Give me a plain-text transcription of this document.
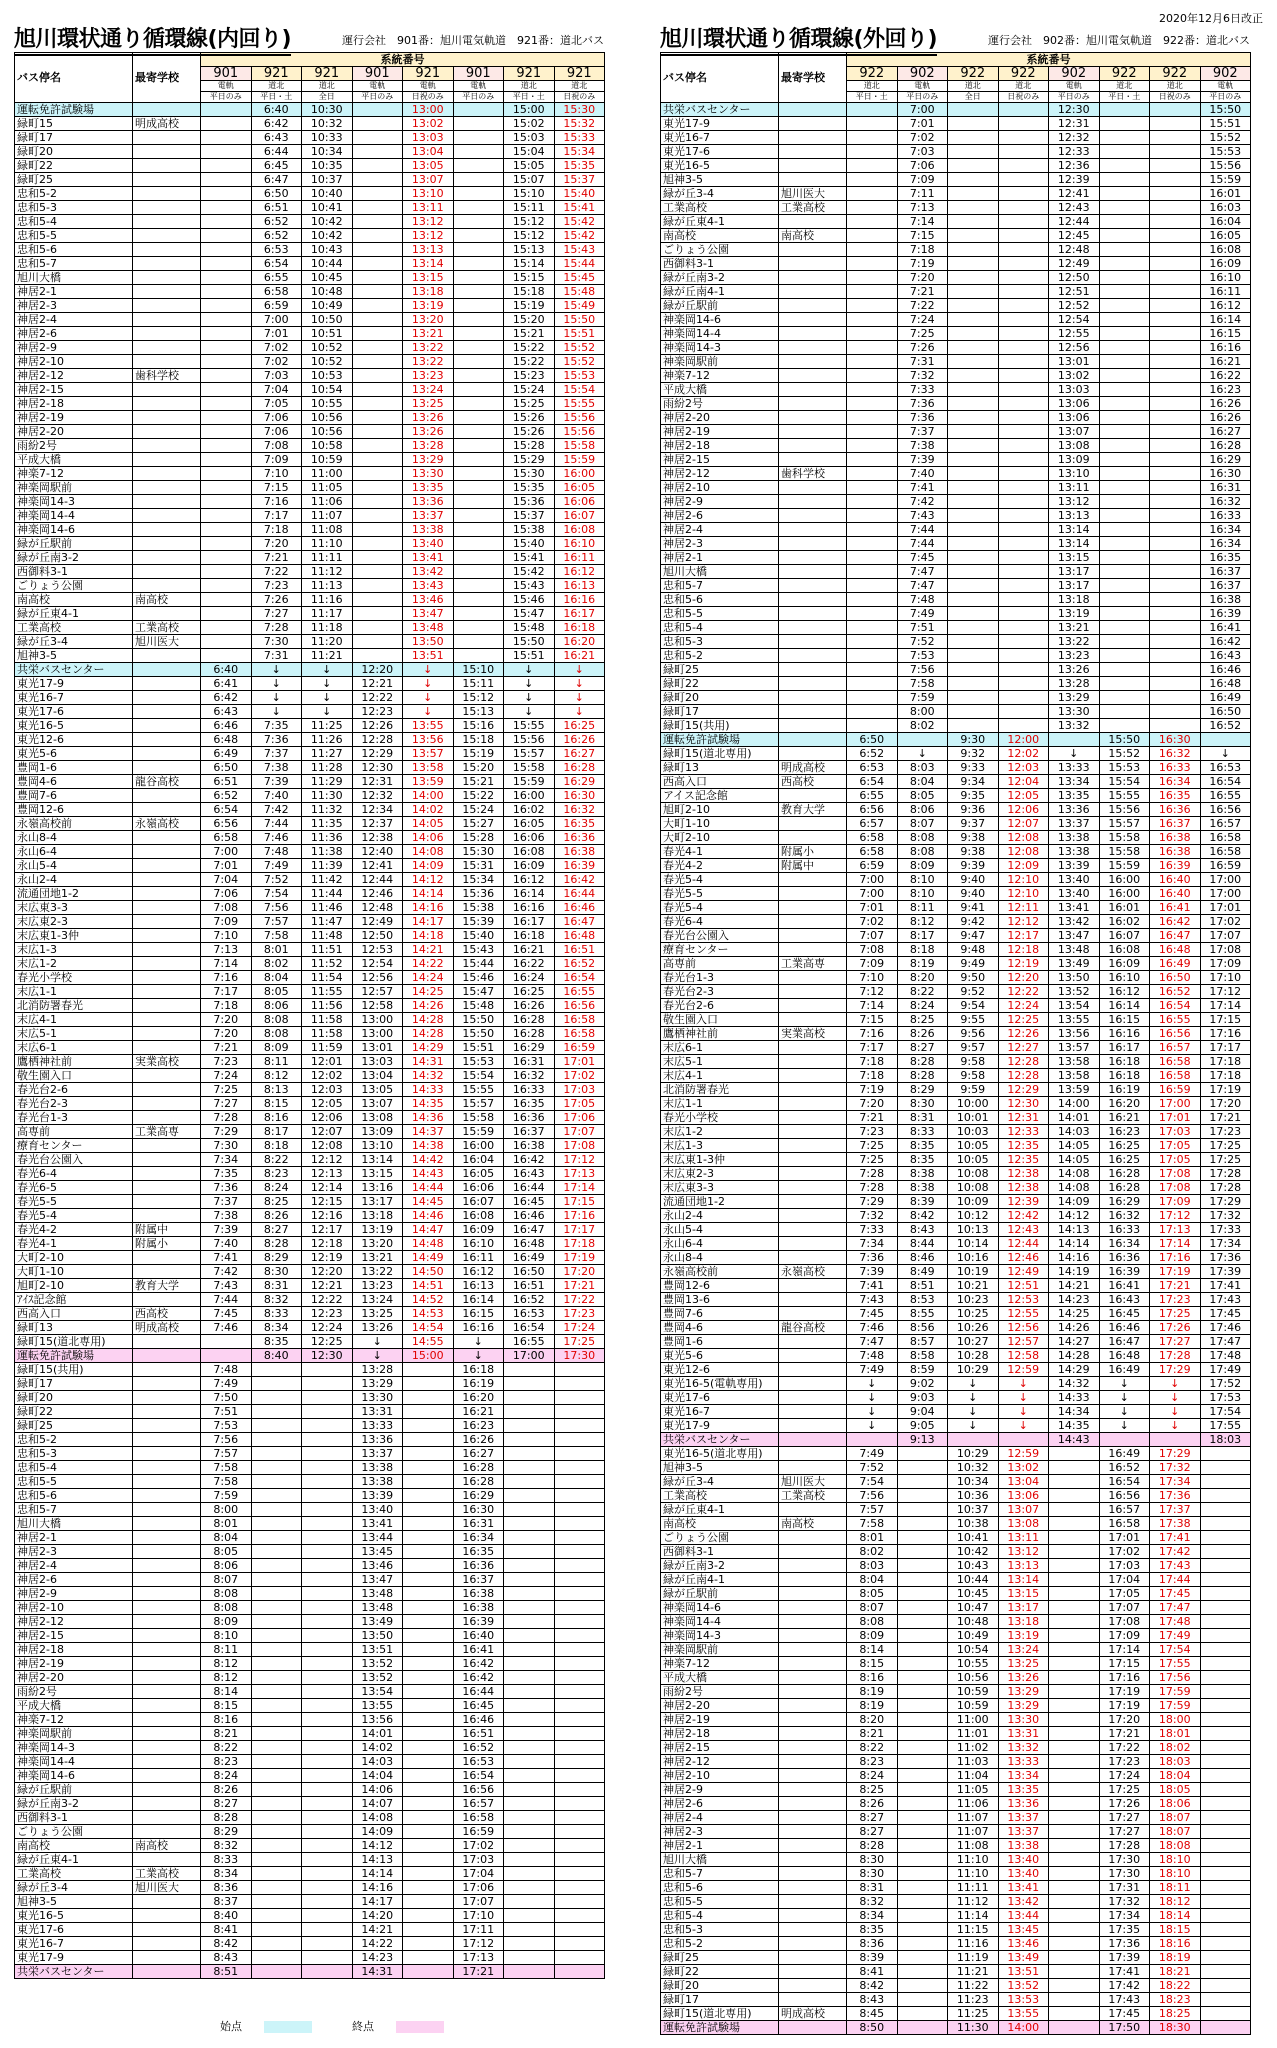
2020年12月6日改正
旭川環状通り循環線(内回り)	運行会社　901番：旭川電気軌道　921番：道北バス
バス停名	最寄学校	系統番号							
		901	921	921	901	921	901	921	921
		電軌	道北	道北	電軌	電軌	電軌	道北	道北
		平日のみ	平日・土	全日	平日のみ	日祝のみ	平日のみ	平日・土	日祝のみ
運転免許試験場			6:40	10:30		13:00		15:00	15:30
緑町15	明成高校		6:42	10:32		13:02		15:02	15:32
緑町17			6:43	10:33		13:03		15:03	15:33
緑町20			6:44	10:34		13:04		15:04	15:34
緑町22			6:45	10:35		13:05		15:05	15:35
緑町25			6:47	10:37		13:07		15:07	15:37
忠和5-2			6:50	10:40		13:10		15:10	15:40
忠和5-3			6:51	10:41		13:11		15:11	15:41
忠和5-4			6:52	10:42		13:12		15:12	15:42
忠和5-5			6:52	10:42		13:12		15:12	15:42
忠和5-6			6:53	10:43		13:13		15:13	15:43
忠和5-7			6:54	10:44		13:14		15:14	15:44
旭川大橋			6:55	10:45		13:15		15:15	15:45
神居2-1			6:58	10:48		13:18		15:18	15:48
神居2-3			6:59	10:49		13:19		15:19	15:49
神居2-4			7:00	10:50		13:20		15:20	15:50
神居2-6			7:01	10:51		13:21		15:21	15:51
神居2-9			7:02	10:52		13:22		15:22	15:52
神居2-10			7:02	10:52		13:22		15:22	15:52
神居2-12	歯科学校		7:03	10:53		13:23		15:23	15:53
神居2-15			7:04	10:54		13:24		15:24	15:54
神居2-18			7:05	10:55		13:25		15:25	15:55
神居2-19			7:06	10:56		13:26		15:26	15:56
神居2-20			7:06	10:56		13:26		15:26	15:56
雨紛2号			7:08	10:58		13:28		15:28	15:58
平成大橋			7:09	10:59		13:29		15:29	15:59
神楽7-12			7:10	11:00		13:30		15:30	16:00
神楽岡駅前			7:15	11:05		13:35		15:35	16:05
神楽岡14-3			7:16	11:06		13:36		15:36	16:06
神楽岡14-4			7:17	11:07		13:37		15:37	16:07
神楽岡14-6			7:18	11:08		13:38		15:38	16:08
緑が丘駅前			7:20	11:10		13:40		15:40	16:10
緑が丘南3-2			7:21	11:11		13:41		15:41	16:11
西御料3-1			7:22	11:12		13:42		15:42	16:12
ごりょう公園			7:23	11:13		13:43		15:43	16:13
南高校	南高校		7:26	11:16		13:46		15:46	16:16
緑が丘東4-1			7:27	11:17		13:47		15:47	16:17
工業高校	工業高校		7:28	11:18		13:48		15:48	16:18
緑が丘3-4	旭川医大		7:30	11:20		13:50		15:50	16:20
旭神3-5			7:31	11:21		13:51		15:51	16:21
共栄バスセンター		6:40	↓	↓	12:20	↓	15:10	↓	↓
東光17-9		6:41	↓	↓	12:21	↓	15:11	↓	↓
東光16-7		6:42	↓	↓	12:22	↓	15:12	↓	↓
東光17-6		6:43	↓	↓	12:23	↓	15:13	↓	↓
東光16-5		6:46	7:35	11:25	12:26	13:55	15:16	15:55	16:25
東光12-6		6:48	7:36	11:26	12:28	13:56	15:18	15:56	16:26
東光5-6		6:49	7:37	11:27	12:29	13:57	15:19	15:57	16:27
豊岡1-6		6:50	7:38	11:28	12:30	13:58	15:20	15:58	16:28
豊岡4-6	龍谷高校	6:51	7:39	11:29	12:31	13:59	15:21	15:59	16:29
豊岡7-6		6:52	7:40	11:30	12:32	14:00	15:22	16:00	16:30
豊岡12-6		6:54	7:42	11:32	12:34	14:02	15:24	16:02	16:32
永嶺高校前	永嶺高校	6:56	7:44	11:35	12:37	14:05	15:27	16:05	16:35
永山8-4		6:58	7:46	11:36	12:38	14:06	15:28	16:06	16:36
永山6-4		7:00	7:48	11:38	12:40	14:08	15:30	16:08	16:38
永山5-4		7:01	7:49	11:39	12:41	14:09	15:31	16:09	16:39
永山2-4		7:04	7:52	11:42	12:44	14:12	15:34	16:12	16:42
流通団地1-2		7:06	7:54	11:44	12:46	14:14	15:36	16:14	16:44
末広東3-3		7:08	7:56	11:46	12:48	14:16	15:38	16:16	16:46
末広東2-3		7:09	7:57	11:47	12:49	14:17	15:39	16:17	16:47
末広東1-3仲		7:10	7:58	11:48	12:50	14:18	15:40	16:18	16:48
末広1-3		7:13	8:01	11:51	12:53	14:21	15:43	16:21	16:51
末広1-2		7:14	8:02	11:52	12:54	14:22	15:44	16:22	16:52
春光小学校		7:16	8:04	11:54	12:56	14:24	15:46	16:24	16:54
末広1-1		7:17	8:05	11:55	12:57	14:25	15:47	16:25	16:55
北消防署春光		7:18	8:06	11:56	12:58	14:26	15:48	16:26	16:56
末広4-1		7:20	8:08	11:58	13:00	14:28	15:50	16:28	16:58
末広5-1		7:20	8:08	11:58	13:00	14:28	15:50	16:28	16:58
末広6-1		7:21	8:09	11:59	13:01	14:29	15:51	16:29	16:59
鷹栖神社前	実業高校	7:23	8:11	12:01	13:03	14:31	15:53	16:31	17:01
敬生園入口		7:24	8:12	12:02	13:04	14:32	15:54	16:32	17:02
春光台2-6		7:25	8:13	12:03	13:05	14:33	15:55	16:33	17:03
春光台2-3		7:27	8:15	12:05	13:07	14:35	15:57	16:35	17:05
春光台1-3		7:28	8:16	12:06	13:08	14:36	15:58	16:36	17:06
高専前	工業高専	7:29	8:17	12:07	13:09	14:37	15:59	16:37	17:07
療育センター		7:30	8:18	12:08	13:10	14:38	16:00	16:38	17:08
春光台公園入		7:34	8:22	12:12	13:14	14:42	16:04	16:42	17:12
春光6-4		7:35	8:23	12:13	13:15	14:43	16:05	16:43	17:13
春光6-5		7:36	8:24	12:14	13:16	14:44	16:06	16:44	17:14
春光5-5		7:37	8:25	12:15	13:17	14:45	16:07	16:45	17:15
春光5-4		7:38	8:26	12:16	13:18	14:46	16:08	16:46	17:16
春光4-2	附属中	7:39	8:27	12:17	13:19	14:47	16:09	16:47	17:17
春光4-1	附属小	7:40	8:28	12:18	13:20	14:48	16:10	16:48	17:18
大町2-10		7:41	8:29	12:19	13:21	14:49	16:11	16:49	17:19
大町1-10		7:42	8:30	12:20	13:22	14:50	16:12	16:50	17:20
旭町2-10	教育大学	7:43	8:31	12:21	13:23	14:51	16:13	16:51	17:21
ｱｲｽ記念館		7:44	8:32	12:22	13:24	14:52	16:14	16:52	17:22
西高入口	西高校	7:45	8:33	12:23	13:25	14:53	16:15	16:53	17:23
緑町13	明成高校	7:46	8:34	12:24	13:26	14:54	16:16	16:54	17:24
緑町15(道北専用)			8:35	12:25	↓	14:55	↓	16:55	17:25
運転免許試験場			8:40	12:30	↓	15:00	↓	17:00	17:30
緑町15(共用)		7:48			13:28		16:18		
緑町17		7:49			13:29		16:19		
緑町20		7:50			13:30		16:20		
緑町22		7:51			13:31		16:21		
緑町25		7:53			13:33		16:23		
忠和5-2		7:56			13:36		16:26		
忠和5-3		7:57			13:37		16:27		
忠和5-4		7:58			13:38		16:28		
忠和5-5		7:58			13:38		16:28		
忠和5-6		7:59			13:39		16:29		
忠和5-7		8:00			13:40		16:30		
旭川大橋		8:01			13:41		16:31		
神居2-1		8:04			13:44		16:34		
神居2-3		8:05			13:45		16:35		
神居2-4		8:06			13:46		16:36		
神居2-6		8:07			13:47		16:37		
神居2-9		8:08			13:48		16:38		
神居2-10		8:08			13:48		16:38		
神居2-12		8:09			13:49		16:39		
神居2-15		8:10			13:50		16:40		
神居2-18		8:11			13:51		16:41		
神居2-19		8:12			13:52		16:42		
神居2-20		8:12			13:52		16:42		
雨紛2号		8:14			13:54		16:44		
平成大橋		8:15			13:55		16:45		
神楽7-12		8:16			13:56		16:46		
神楽岡駅前		8:21			14:01		16:51		
神楽岡14-3		8:22			14:02		16:52		
神楽岡14-4		8:23			14:03		16:53		
神楽岡14-6		8:24			14:04		16:54		
緑が丘駅前		8:26			14:06		16:56		
緑が丘南3-2		8:27			14:07		16:57		
西御料3-1		8:28			14:08		16:58		
ごりょう公園		8:29			14:09		16:59		
南高校	南高校	8:32			14:12		17:02		
緑が丘東4-1		8:33			14:13		17:03		
工業高校	工業高校	8:34			14:14		17:04		
緑が丘3-4	旭川医大	8:36			14:16		17:06		
旭神3-5		8:37			14:17		17:07		
東光16-5		8:40			14:20		17:10		
東光17-6		8:41			14:21		17:11		
東光16-7		8:42			14:22		17:12		
東光17-9		8:43			14:23		17:13		
共栄バスセンター		8:51			14:31		17:21		
旭川環状通り循環線(外回り)	運行会社　902番：旭川電気軌道　922番：道北バス
バス停名	最寄学校	系統番号							
		922	902	922	922	902	922	922	902
		道北	電軌	道北	道北	電軌	道北	道北	電軌
		平日・土	平日のみ	全日	日祝のみ	平日のみ	平日・土	日祝のみ	平日のみ
共栄バスセンター			7:00			12:30			15:50
東光17-9			7:01			12:31			15:51
東光16-7			7:02			12:32			15:52
東光17-6			7:03			12:33			15:53
東光16-5			7:06			12:36			15:56
旭神3-5			7:09			12:39			15:59
緑が丘3-4	旭川医大		7:11			12:41			16:01
工業高校	工業高校		7:13			12:43			16:03
緑が丘東4-1			7:14			12:44			16:04
南高校	南高校		7:15			12:45			16:05
ごりょう公園			7:18			12:48			16:08
西御料3-1			7:19			12:49			16:09
緑が丘南3-2			7:20			12:50			16:10
緑が丘南4-1			7:21			12:51			16:11
緑が丘駅前			7:22			12:52			16:12
神楽岡14-6			7:24			12:54			16:14
神楽岡14-4			7:25			12:55			16:15
神楽岡14-3			7:26			12:56			16:16
神楽岡駅前			7:31			13:01			16:21
神楽7-12			7:32			13:02			16:22
平成大橋			7:33			13:03			16:23
雨紛2号			7:36			13:06			16:26
神居2-20			7:36			13:06			16:26
神居2-19			7:37			13:07			16:27
神居2-18			7:38			13:08			16:28
神居2-15			7:39			13:09			16:29
神居2-12	歯科学校		7:40			13:10			16:30
神居2-10			7:41			13:11			16:31
神居2-9			7:42			13:12			16:32
神居2-6			7:43			13:13			16:33
神居2-4			7:44			13:14			16:34
神居2-3			7:44			13:14			16:34
神居2-1			7:45			13:15			16:35
旭川大橋			7:47			13:17			16:37
忠和5-7			7:47			13:17			16:37
忠和5-6			7:48			13:18			16:38
忠和5-5			7:49			13:19			16:39
忠和5-4			7:51			13:21			16:41
忠和5-3			7:52			13:22			16:42
忠和5-2			7:53			13:23			16:43
緑町25			7:56			13:26			16:46
緑町22			7:58			13:28			16:48
緑町20			7:59			13:29			16:49
緑町17			8:00			13:30			16:50
緑町15(共用)			8:02			13:32			16:52
運転免許試験場		6:50		9:30	12:00		15:50	16:30	
緑町15(道北専用)		6:52	↓	9:32	12:02	↓	15:52	16:32	↓
緑町13	明成高校	6:53	8:03	9:33	12:03	13:33	15:53	16:33	16:53
西高入口	西高校	6:54	8:04	9:34	12:04	13:34	15:54	16:34	16:54
アイス記念館		6:55	8:05	9:35	12:05	13:35	15:55	16:35	16:55
旭町2-10	教育大学	6:56	8:06	9:36	12:06	13:36	15:56	16:36	16:56
大町1-10		6:57	8:07	9:37	12:07	13:37	15:57	16:37	16:57
大町2-10		6:58	8:08	9:38	12:08	13:38	15:58	16:38	16:58
春光4-1	附属小	6:58	8:08	9:38	12:08	13:38	15:58	16:38	16:58
春光4-2	附属中	6:59	8:09	9:39	12:09	13:39	15:59	16:39	16:59
春光5-4		7:00	8:10	9:40	12:10	13:40	16:00	16:40	17:00
春光5-5		7:00	8:10	9:40	12:10	13:40	16:00	16:40	17:00
春光5-4		7:01	8:11	9:41	12:11	13:41	16:01	16:41	17:01
春光6-4		7:02	8:12	9:42	12:12	13:42	16:02	16:42	17:02
春光台公園入		7:07	8:17	9:47	12:17	13:47	16:07	16:47	17:07
療育センター		7:08	8:18	9:48	12:18	13:48	16:08	16:48	17:08
高専前	工業高専	7:09	8:19	9:49	12:19	13:49	16:09	16:49	17:09
春光台1-3		7:10	8:20	9:50	12:20	13:50	16:10	16:50	17:10
春光台2-3		7:12	8:22	9:52	12:22	13:52	16:12	16:52	17:12
春光台2-6		7:14	8:24	9:54	12:24	13:54	16:14	16:54	17:14
敬生園入口		7:15	8:25	9:55	12:25	13:55	16:15	16:55	17:15
鷹栖神社前	実業高校	7:16	8:26	9:56	12:26	13:56	16:16	16:56	17:16
末広6-1		7:17	8:27	9:57	12:27	13:57	16:17	16:57	17:17
末広5-1		7:18	8:28	9:58	12:28	13:58	16:18	16:58	17:18
末広4-1		7:18	8:28	9:58	12:28	13:58	16:18	16:58	17:18
北消防署春光		7:19	8:29	9:59	12:29	13:59	16:19	16:59	17:19
末広1-1		7:20	8:30	10:00	12:30	14:00	16:20	17:00	17:20
春光小学校		7:21	8:31	10:01	12:31	14:01	16:21	17:01	17:21
末広1-2		7:23	8:33	10:03	12:33	14:03	16:23	17:03	17:23
末広1-3		7:25	8:35	10:05	12:35	14:05	16:25	17:05	17:25
末広東1-3仲		7:25	8:35	10:05	12:35	14:05	16:25	17:05	17:25
末広東2-3		7:28	8:38	10:08	12:38	14:08	16:28	17:08	17:28
末広東3-3		7:28	8:38	10:08	12:38	14:08	16:28	17:08	17:28
流通団地1-2		7:29	8:39	10:09	12:39	14:09	16:29	17:09	17:29
永山2-4		7:32	8:42	10:12	12:42	14:12	16:32	17:12	17:32
永山5-4		7:33	8:43	10:13	12:43	14:13	16:33	17:13	17:33
永山6-4		7:34	8:44	10:14	12:44	14:14	16:34	17:14	17:34
永山8-4		7:36	8:46	10:16	12:46	14:16	16:36	17:16	17:36
永嶺高校前	永嶺高校	7:39	8:49	10:19	12:49	14:19	16:39	17:19	17:39
豊岡12-6		7:41	8:51	10:21	12:51	14:21	16:41	17:21	17:41
豊岡13-6		7:43	8:53	10:23	12:53	14:23	16:43	17:23	17:43
豊岡7-6		7:45	8:55	10:25	12:55	14:25	16:45	17:25	17:45
豊岡4-6	龍谷高校	7:46	8:56	10:26	12:56	14:26	16:46	17:26	17:46
豊岡1-6		7:47	8:57	10:27	12:57	14:27	16:47	17:27	17:47
東光5-6		7:48	8:58	10:28	12:58	14:28	16:48	17:28	17:48
東光12-6		7:49	8:59	10:29	12:59	14:29	16:49	17:29	17:49
東光16-5(電軌専用)		↓	9:02	↓	↓	14:32	↓	↓	17:52
東光17-6		↓	9:03	↓	↓	14:33	↓	↓	17:53
東光16-7		↓	9:04	↓	↓	14:34	↓	↓	17:54
東光17-9		↓	9:05	↓	↓	14:35	↓	↓	17:55
共栄バスセンター			9:13			14:43			18:03
東光16-5(道北専用)		7:49		10:29	12:59		16:49	17:29	
旭神3-5		7:52		10:32	13:02		16:52	17:32	
緑が丘3-4	旭川医大	7:54		10:34	13:04		16:54	17:34	
工業高校	工業高校	7:56		10:36	13:06		16:56	17:36	
緑が丘東4-1		7:57		10:37	13:07		16:57	17:37	
南高校	南高校	7:58		10:38	13:08		16:58	17:38	
ごりょう公園		8:01		10:41	13:11		17:01	17:41	
西御料3-1		8:02		10:42	13:12		17:02	17:42	
緑が丘南3-2		8:03		10:43	13:13		17:03	17:43	
緑が丘南4-1		8:04		10:44	13:14		17:04	17:44	
緑が丘駅前		8:05		10:45	13:15		17:05	17:45	
神楽岡14-6		8:07		10:47	13:17		17:07	17:47	
神楽岡14-4		8:08		10:48	13:18		17:08	17:48	
神楽岡14-3		8:09		10:49	13:19		17:09	17:49	
神楽岡駅前		8:14		10:54	13:24		17:14	17:54	
神楽7-12		8:15		10:55	13:25		17:15	17:55	
平成大橋		8:16		10:56	13:26		17:16	17:56	
雨紛2号		8:19		10:59	13:29		17:19	17:59	
神居2-20		8:19		10:59	13:29		17:19	17:59	
神居2-19		8:20		11:00	13:30		17:20	18:00	
神居2-18		8:21		11:01	13:31		17:21	18:01	
神居2-15		8:22		11:02	13:32		17:22	18:02	
神居2-12		8:23		11:03	13:33		17:23	18:03	
神居2-10		8:24		11:04	13:34		17:24	18:04	
神居2-9		8:25		11:05	13:35		17:25	18:05	
神居2-6		8:26		11:06	13:36		17:26	18:06	
神居2-4		8:27		11:07	13:37		17:27	18:07	
神居2-3		8:27		11:07	13:37		17:27	18:07	
神居2-1		8:28		11:08	13:38		17:28	18:08	
旭川大橋		8:30		11:10	13:40		17:30	18:10	
忠和5-7		8:30		11:10	13:40		17:30	18:10	
忠和5-6		8:31		11:11	13:41		17:31	18:11	
忠和5-5		8:32		11:12	13:42		17:32	18:12	
忠和5-4		8:34		11:14	13:44		17:34	18:14	
忠和5-3		8:35		11:15	13:45		17:35	18:15	
忠和5-2		8:36		11:16	13:46		17:36	18:16	
緑町25		8:39		11:19	13:49		17:39	18:19	
緑町22		8:41		11:21	13:51		17:41	18:21	
緑町20		8:42		11:22	13:52		17:42	18:22	
緑町17		8:43		11:23	13:53		17:43	18:23	
緑町15(道北専用)	明成高校	8:45		11:25	13:55		17:45	18:25	
運転免許試験場		8:50		11:30	14:00		17:50	18:30	
始点	終点
